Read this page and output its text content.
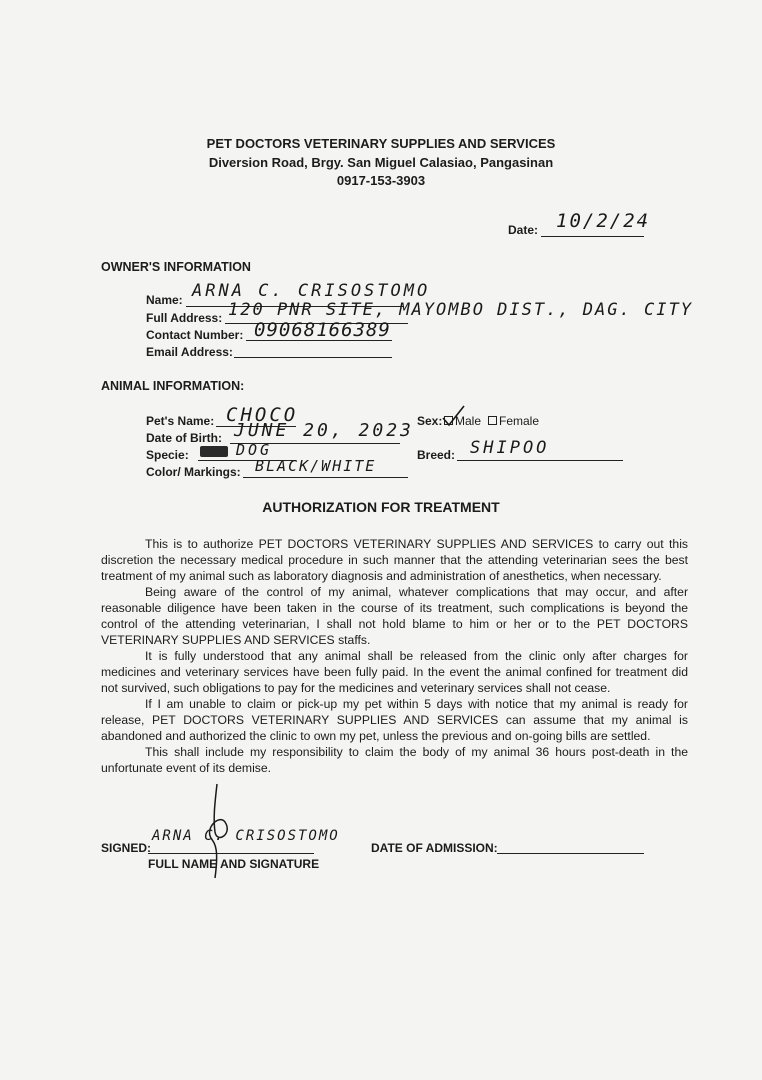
PET DOCTORS VETERINARY SUPPLIES AND SERVICES
Diversion Road, Brgy. San Miguel Calasiao, Pangasinan
0917-153-3903
Date: 10/2/24
OWNER'S INFORMATION
Name: ARNA C. CRISOSTOMO
Full Address: 120 PNR SITE, MAYOMBO DIST., DAG. CITY
Contact Number: 09068166389
Email Address:
ANIMAL INFORMATION:
Pet's Name: CHOCO
Date of Birth: JUNE 20, 2023
Specie:	DOG
Color/ Markings: BLACK/WHITE
Sex: Male Female
Breed: SHIPOO
AUTHORIZATION FOR TREATMENT

This is to authorize PET DOCTORS VETERINARY SUPPLIES AND SERVICES to carry out this discretion the necessary medical procedure in such manner that the attending veterinarian sees the best treatment of my animal such as laboratory diagnosis and administration of anesthetics, when necessary.

Being aware of the control of my animal, whatever complications that may occur, and after reasonable diligence have been taken in the course of its treatment, such complications is beyond the control of the attending veterinarian, I shall not hold blame to him or her or to the PET DOCTORS VETERINARY SUPPLIES AND SERVICES staffs.

It is fully understood that any animal shall be released from the clinic only after charges for medicines and veterinary services have been fully paid. In the event the animal confined for treatment did not survived, such obligations to pay for the medicines and veterinary services shall not cease.

If I am unable to claim or pick-up my pet within 5 days with notice that my animal is ready for release, PET DOCTORS VETERINARY SUPPLIES AND SERVICES can assume that my animal is abandoned and authorized the clinic to own my pet, unless the previous and on-going bills are settled.

This shall include my responsibility to claim the body of my animal 36 hours post-death in the unfortunate event of its demise.

SIGNED:
ARNA C. CRISOSTOMO
FULL NAME AND SIGNATURE
DATE OF ADMISSION:
